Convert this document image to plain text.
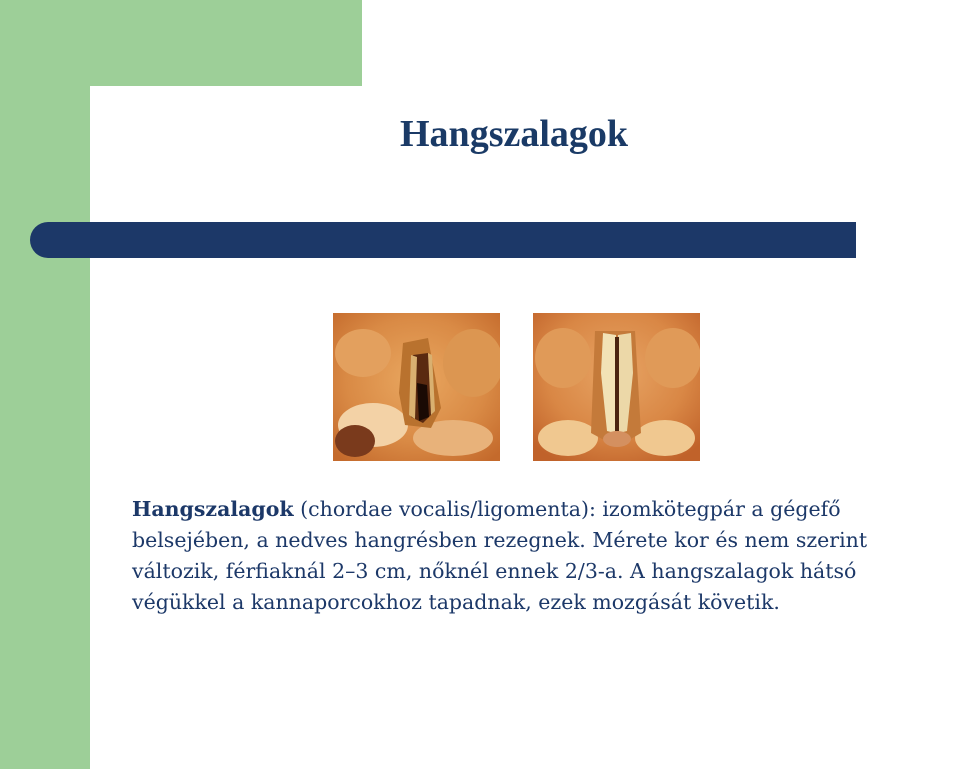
Hangszalagok

Hangszalagok (chordae vocalis/ligomenta): izomkötegpár a gégefő belsejében, a nedves hangrésben rezegnek. Mérete kor és nem szerint változik, férfiaknál 2–3 cm, nőknél ennek 2/3-a. A hangszalagok hátsó végükkel a kannaporcokhoz tapadnak, ezek mozgását követik.
